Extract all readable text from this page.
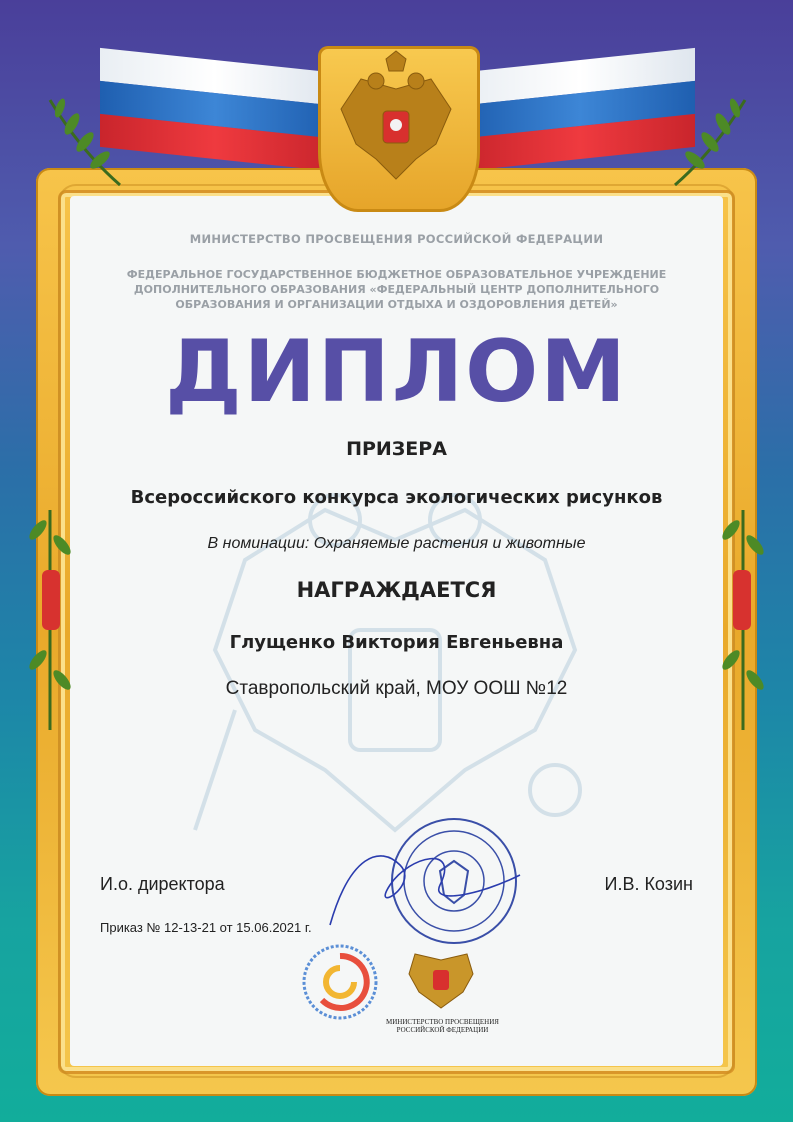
МИНИСТЕРСТВО ПРОСВЕЩЕНИЯ РОССИЙСКОЙ ФЕДЕРАЦИИ
ФЕДЕРАЛЬНОЕ ГОСУДАРСТВЕННОЕ БЮДЖЕТНОЕ ОБРАЗОВАТЕЛЬНОЕ УЧРЕЖДЕНИЕ
ДОПОЛНИТЕЛЬНОГО ОБРАЗОВАНИЯ «ФЕДЕРАЛЬНЫЙ ЦЕНТР ДОПОЛНИТЕЛЬНОГО
ОБРАЗОВАНИЯ И ОРГАНИЗАЦИИ ОТДЫХА И ОЗДОРОВЛЕНИЯ ДЕТЕЙ»
ДИПЛОМ
ПРИЗЕРА
Всероссийского конкурса экологических рисунков
В номинации: Охраняемые растения и животные
НАГРАЖДАЕТСЯ
Глущенко Виктория Евгеньевна
Ставропольский край, МОУ ООШ №12
И.о. директора	И.В. Козин
Приказ № 12-13-21 от 15.06.2021 г.
МИНИСТЕРСТВО ПРОСВЕЩЕНИЯ
РОССИЙСКОЙ ФЕДЕРАЦИИ
